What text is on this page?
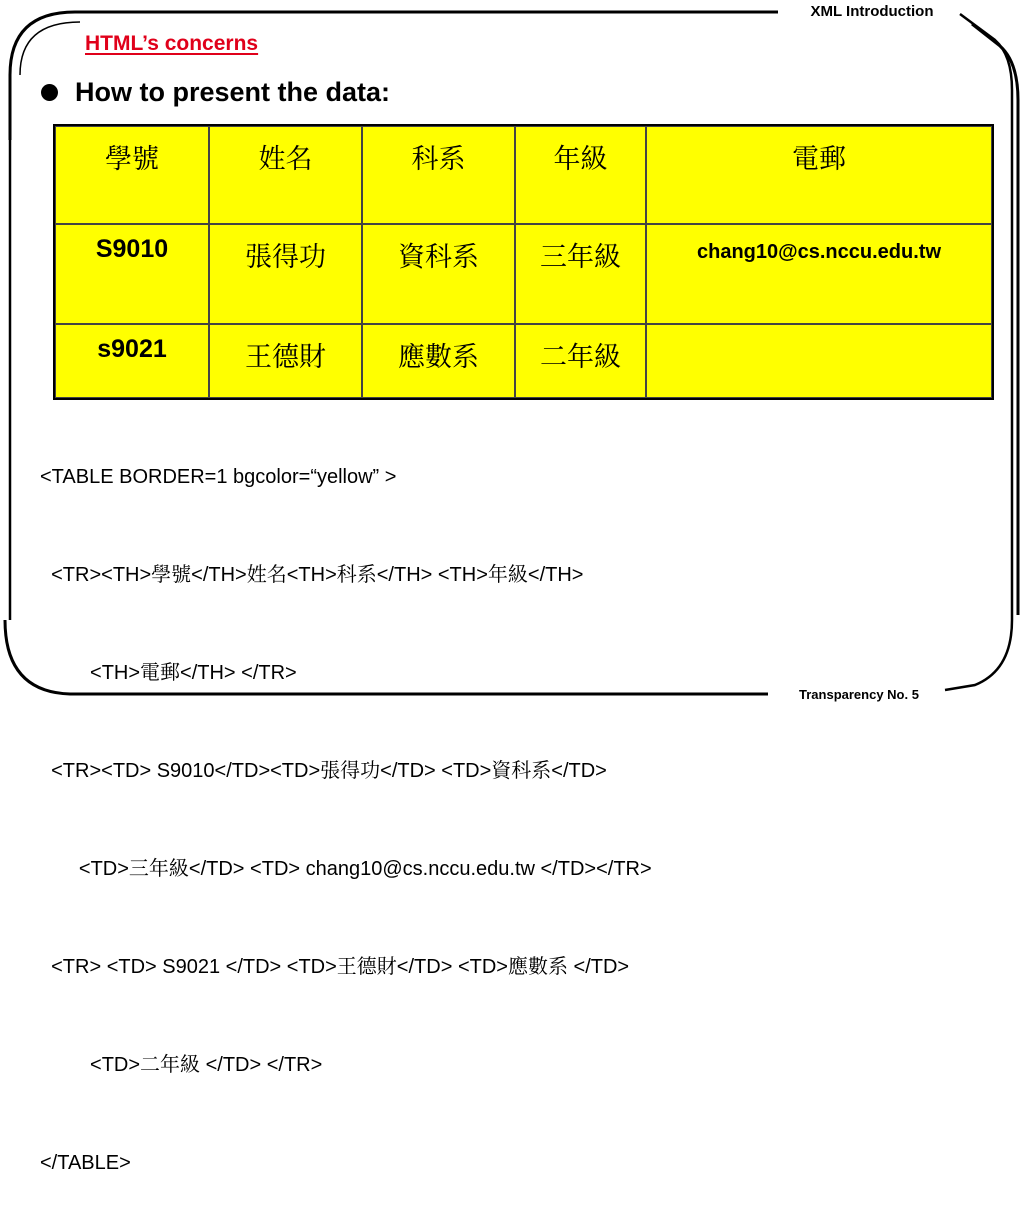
XML Introduction
Transparency No. 5
HTML’s concerns
How to present the data:
學號	姓名	科系	年級	電郵
S9010	張得功	資科系	三年級	chang10@cs.nccu.edu.tw
s9021	王德財	應數系	二年級	

<TABLE BORDER=1 bgcolor=“yellow” >

<TR><TH>學號</TH>姓名<TH>科系</TH> <TH>年級</TH>

<TH>電郵</TH> </TR>

<TR><TD> S9010</TD><TD>張得功</TD> <TD>資科系</TD>

<TD>三年級</TD> <TD> chang10@cs.nccu.edu.tw </TD></TR>

<TR> <TD> S9021 </TD> <TD>王德財</TD> <TD>應數系 </TD>

<TD>二年級 </TD> </TR>

</TABLE>
